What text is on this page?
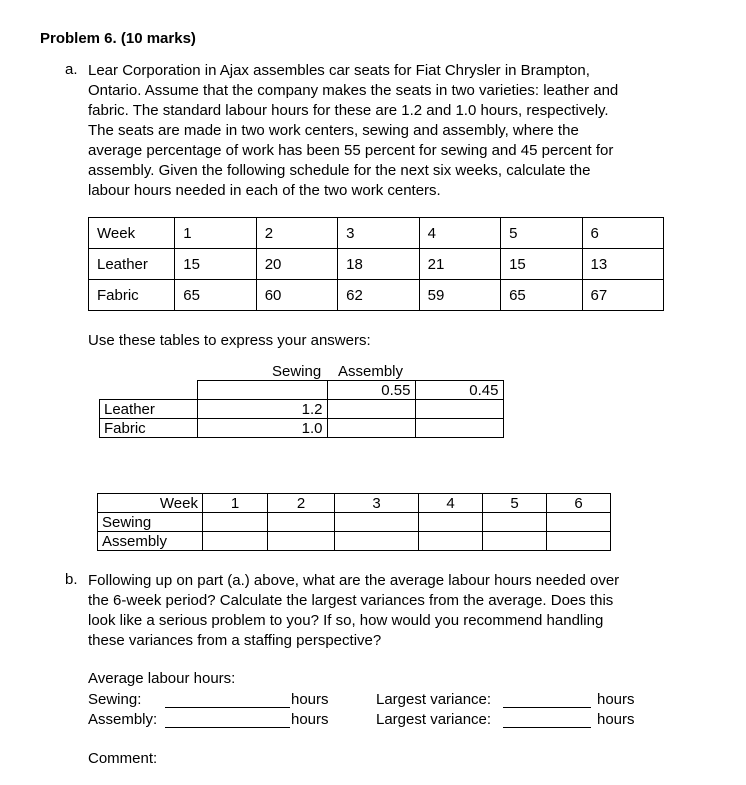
Problem 6. (10 marks)
a. Lear Corporation in Ajax assembles car seats for Fiat Chrysler in Brampton,
Ontario. Assume that the company makes the seats in two varieties: leather and
fabric. The standard labour hours for these are 1.2 and 1.0 hours, respectively.
The seats are made in two work centers, sewing and assembly, where the
average percentage of work has been 55 percent for sewing and 45 percent for
assembly. Given the following schedule for the next six weeks, calculate the
labour hours needed in each of the two work centers.
Week	1	2	3	4	5	6
Leather	15	20	18	21	15	13
Fabric	65	60	62	59	65	67
Use these tables to express your answers:
Sewing Assembly
		0.55	0.45
Leather	1.2		
Fabric	1.0		
Week	1	2	3	4	5	6
Sewing						
Assembly						
b. Following up on part (a.) above, what are the average labour hours needed over
the 6-week period? Calculate the largest variances from the average. Does this
look like a serious problem to you? If so, how would you recommend handling
these variances from a staffing perspective?
Average labour hours:
Sewing:	hours	Largest variance:	hours
Assembly:	hours	Largest variance:	hours
Comment:
